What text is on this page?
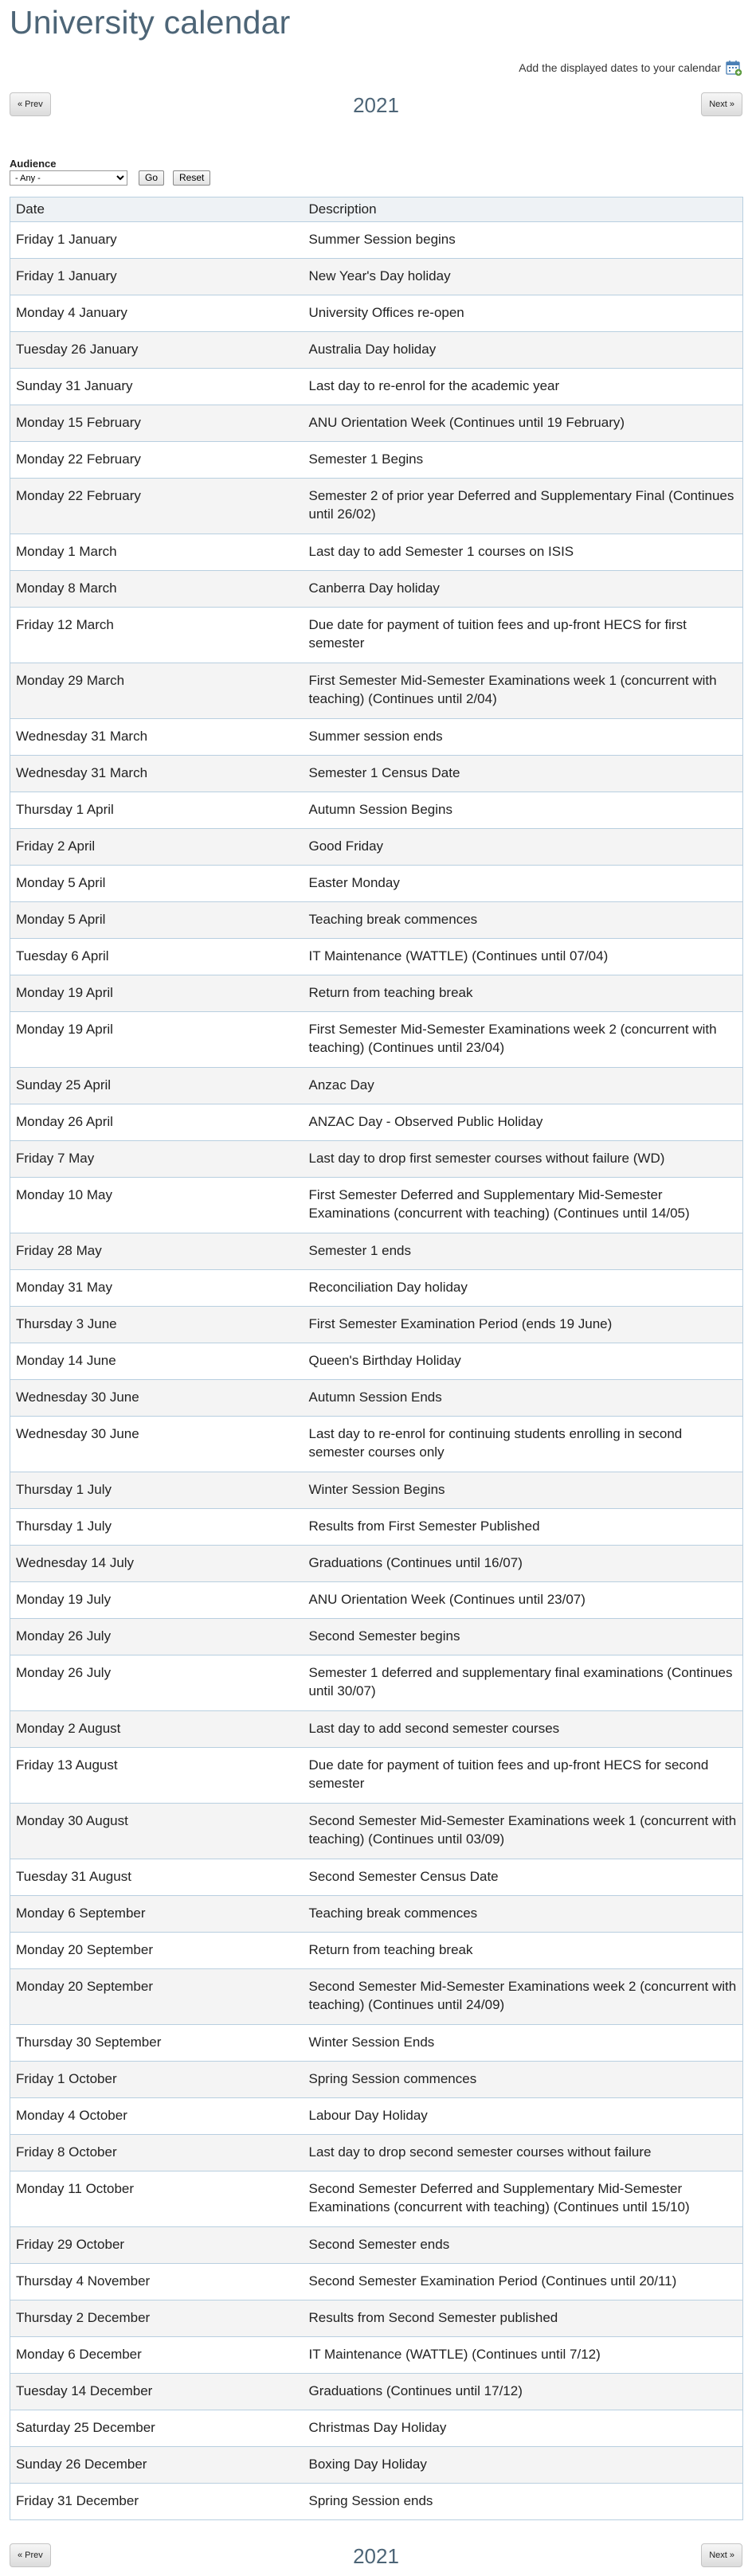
University calendar
Add the displayed dates to your calendar
« Prev	2021	Next »
Audience
- Any -
Go	Reset
Date	Description
Friday 1 January	Summer Session begins
Friday 1 January	New Year's Day holiday
Monday 4 January	University Offices re-open
Tuesday 26 January	Australia Day holiday
Sunday 31 January	Last day to re-enrol for the academic year
Monday 15 February	ANU Orientation Week (Continues until 19 February)
Monday 22 February	Semester 1 Begins
Monday 22 February	Semester 2 of prior year Deferred and Supplementary Final (Continues until 26/02)
Monday 1 March	Last day to add Semester 1 courses on ISIS
Monday 8 March	Canberra Day holiday
Friday 12 March	Due date for payment of tuition fees and up-front HECS for first semester
Monday 29 March	First Semester Mid-Semester Examinations week 1 (concurrent with teaching) (Continues until 2/04)
Wednesday 31 March	Summer session ends
Wednesday 31 March	Semester 1 Census Date
Thursday 1 April	Autumn Session Begins
Friday 2 April	Good Friday
Monday 5 April	Easter Monday
Monday 5 April	Teaching break commences
Tuesday 6 April	IT Maintenance (WATTLE) (Continues until 07/04)
Monday 19 April	Return from teaching break
Monday 19 April	First Semester Mid-Semester Examinations week 2 (concurrent with teaching) (Continues until 23/04)
Sunday 25 April	Anzac Day
Monday 26 April	ANZAC Day - Observed Public Holiday
Friday 7 May	Last day to drop first semester courses without failure (WD)
Monday 10 May	First Semester Deferred and Supplementary Mid-Semester Examinations (concurrent with teaching) (Continues until 14/05)
Friday 28 May	Semester 1 ends
Monday 31 May	Reconciliation Day holiday
Thursday 3 June	First Semester Examination Period (ends 19 June)
Monday 14 June	Queen's Birthday Holiday
Wednesday 30 June	Autumn Session Ends
Wednesday 30 June	Last day to re-enrol for continuing students enrolling in second semester courses only
Thursday 1 July	Winter Session Begins
Thursday 1 July	Results from First Semester Published
Wednesday 14 July	Graduations (Continues until 16/07)
Monday 19 July	ANU Orientation Week (Continues until 23/07)
Monday 26 July	Second Semester begins
Monday 26 July	Semester 1 deferred and supplementary final examinations (Continues until 30/07)
Monday 2 August	Last day to add second semester courses
Friday 13 August	Due date for payment of tuition fees and up-front HECS for second semester
Monday 30 August	Second Semester Mid-Semester Examinations week 1 (concurrent with teaching) (Continues until 03/09)
Tuesday 31 August	Second Semester Census Date
Monday 6 September	Teaching break commences
Monday 20 September	Return from teaching break
Monday 20 September	Second Semester Mid-Semester Examinations week 2 (concurrent with teaching) (Continues until 24/09)
Thursday 30 September	Winter Session Ends
Friday 1 October	Spring Session commences
Monday 4 October	Labour Day Holiday
Friday 8 October	Last day to drop second semester courses without failure
Monday 11 October	Second Semester Deferred and Supplementary Mid-Semester Examinations (concurrent with teaching) (Continues until 15/10)
Friday 29 October	Second Semester ends
Thursday 4 November	Second Semester Examination Period (Continues until 20/11)
Thursday 2 December	Results from Second Semester published
Monday 6 December	IT Maintenance (WATTLE) (Continues until 7/12)
Tuesday 14 December	Graduations (Continues until 17/12)
Saturday 25 December	Christmas Day Holiday
Sunday 26 December	Boxing Day Holiday
Friday 31 December	Spring Session ends
« Prev	2021	Next »
